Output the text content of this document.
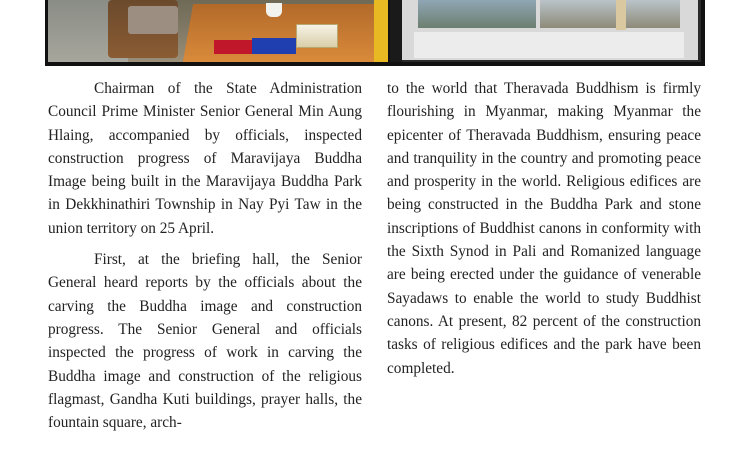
Chairman of the State Administration Council Prime Minister Senior General Min Aung Hlaing, accompanied by officials, inspected construction progress of Maravijaya Buddha Image being built in the Maravijaya Buddha Park in Dekkhinathiri Township in Nay Pyi Taw in the union territory on 25 April.

First, at the briefing hall, the Senior General heard reports by the officials about the carving the Buddha image and construction progress. The Senior General and officials inspected the progress of work in carving the Buddha image and construction of the religious flagmast, Gandha Kuti buildings, prayer halls, the fountain square, arch-

to the world that Theravada Buddhism is firmly flourishing in Myanmar, making Myanmar the epicenter of Theravada Buddhism, ensuring peace and tranquility in the country and promoting peace and prosperity in the world. Religious edifices are being constructed in the Buddha Park and stone inscriptions of Buddhist canons in conformity with the Sixth Synod in Pali and Romanized language are being erected under the guidance of venerable Sayadaws to enable the world to study Buddhist canons. At present, 82 percent of the construction tasks of religious edifices and the park have been completed.
